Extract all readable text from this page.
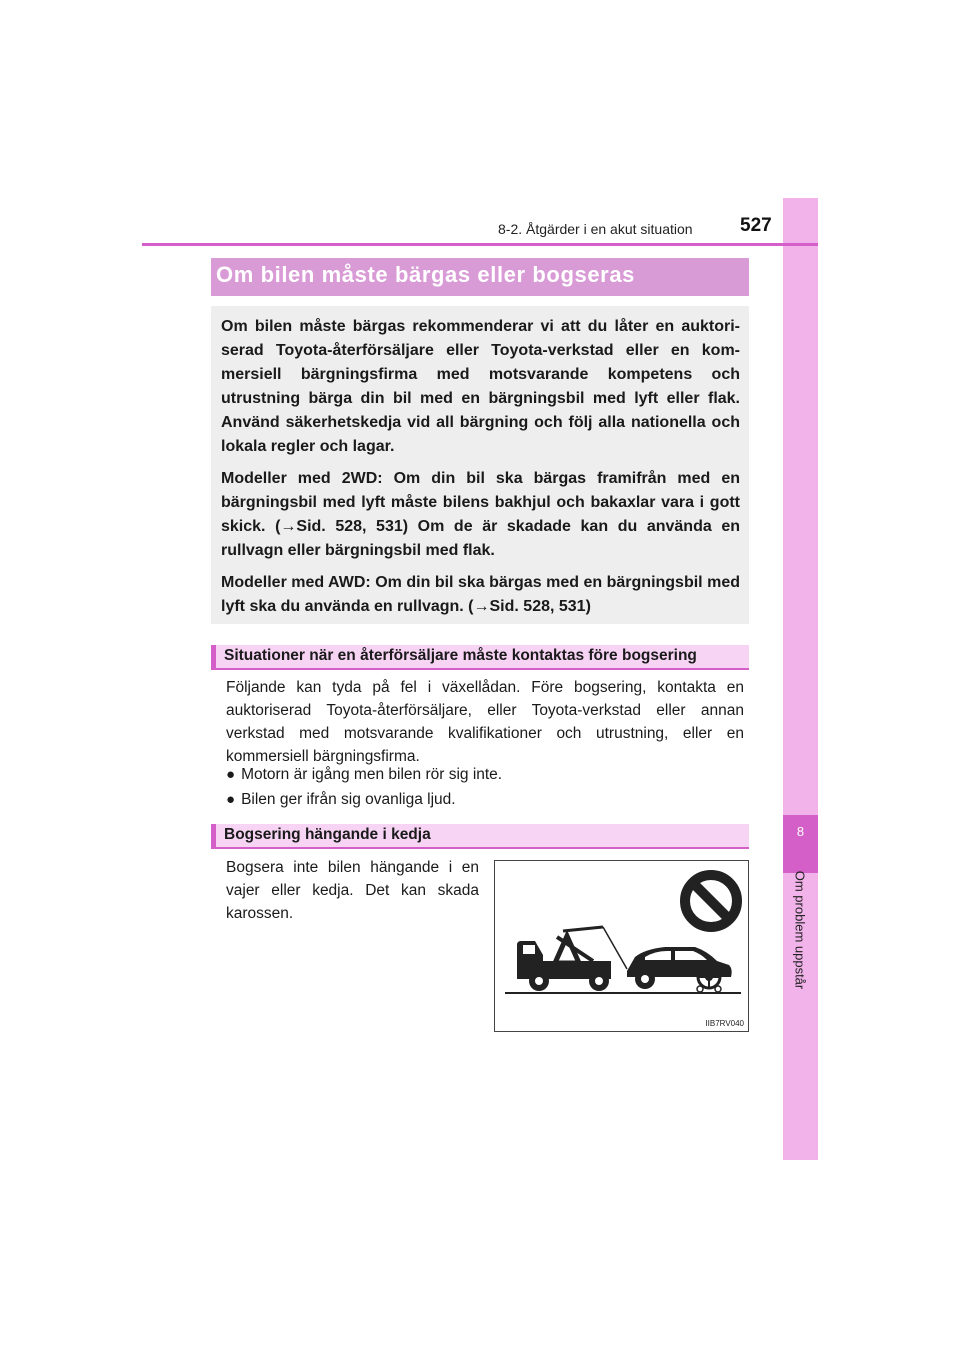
8
Om problem uppstår
8-2. Åtgärder i en akut situation 527
Om bilen måste bärgas eller bogseras

Om bilen måste bärgas rekommenderar vi att du låter en auktori-serad Toyota-återförsäljare eller Toyota-verkstad eller en kom-mersiell bärgningsfirma med motsvarande kompetens och utrustning bärga din bil med en bärgningsbil med lyft eller flak. Använd säkerhetskedja vid all bärgning och följ alla nationella och lokala regler och lagar.

Modeller med 2WD: Om din bil ska bärgas framifrån med en bärgningsbil med lyft måste bilens bakhjul och bakaxlar vara i gott skick. (→Sid. 528, 531) Om de är skadade kan du använda en rullvagn eller bärgningsbil med flak.

Modeller med AWD: Om din bil ska bärgas med en bärgningsbil med lyft ska du använda en rullvagn. (→Sid. 528, 531)

Situationer när en återförsäljare måste kontaktas före bogsering

Följande kan tyda på fel i växellådan. Före bogsering, kontakta en auktoriserad Toyota-återförsäljare, eller Toyota-verkstad eller annan verkstad med motsvarande kvalifikationer och utrustning, eller en kommersiell bärgningsfirma.

● Motorn är igång men bilen rör sig inte.
● Bilen ger ifrån sig ovanliga ljud.
Bogsering hängande i kedja

Bogsera inte bilen hängande i en vajer eller kedja. Det kan skada karossen.

IIB7RV040
